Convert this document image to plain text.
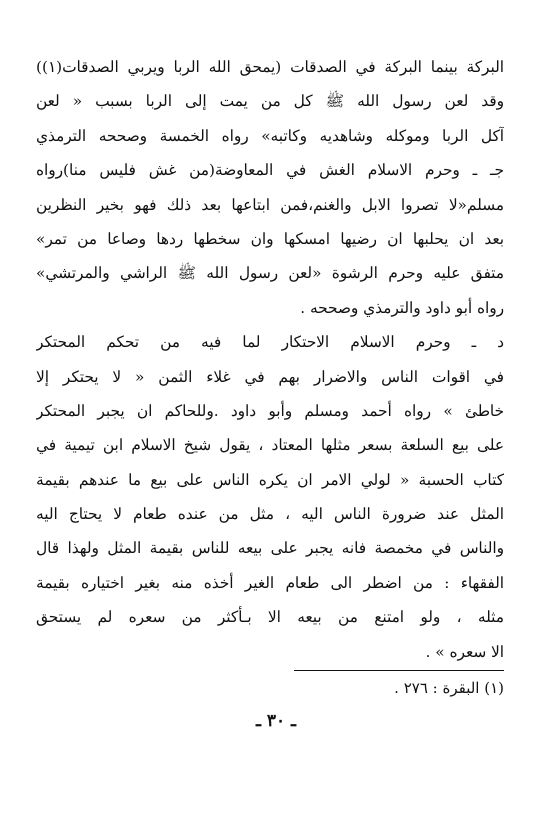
البركة بينما البركة في الصدقات (يمحق الله الربا ويربي الصدقات(١))
وقد لعن رسول الله ﷺ كل من يمت إلى الربا بسبب « لعن
آكل الربا وموكله وشاهديه وكاتبه» رواه الخمسة وصححه الترمذي
جـ ـ وحرم الاسلام الغش في المعاوضة(من غش فليس منا)رواه
مسلم«لا تصروا الابل والغنم،فمن ابتاعها بعد ذلك فهو بخير النظرين
بعد ان يحلبها ان رضيها امسكها وان سخطها ردها وصاعا من تمر»
متفق عليه وحرم الرشوة «لعن رسول الله ﷺ الراشي والمرتشي»
رواه أبو داود والترمذي وصححه .
د ـ وحرم الاسلام الاحتكار لما فيه من تحكم المحتكر
في اقوات الناس والاضرار بهم في غلاء الثمن « لا يحتكر إلا
خاطئ » رواه أحمد ومسلم وأبو داود .وللحاكم ان يجبر المحتكر
على بيع السلعة بسعر مثلها المعتاد ، يقول شيخ الاسلام ابن تيمية في
كتاب الحسبة « لولي الامر ان يكره الناس على بيع ما عندهم بقيمة
المثل عند ضرورة الناس اليه ، مثل من عنده طعام لا يحتاج اليه
والناس في مخمصة فانه يجبر على بيعه للناس بقيمة المثل ولهذا قال
الفقهاء : من اضطر الى طعام الغير أخذه منه بغير اختياره بقيمة
مثله ، ولو امتنع من بيعه الا بـأكثر من سعره لم يستحق
الا سعره » .
(١) البقرة : ٢٧٦ .
ـ ٣٠ ـ
